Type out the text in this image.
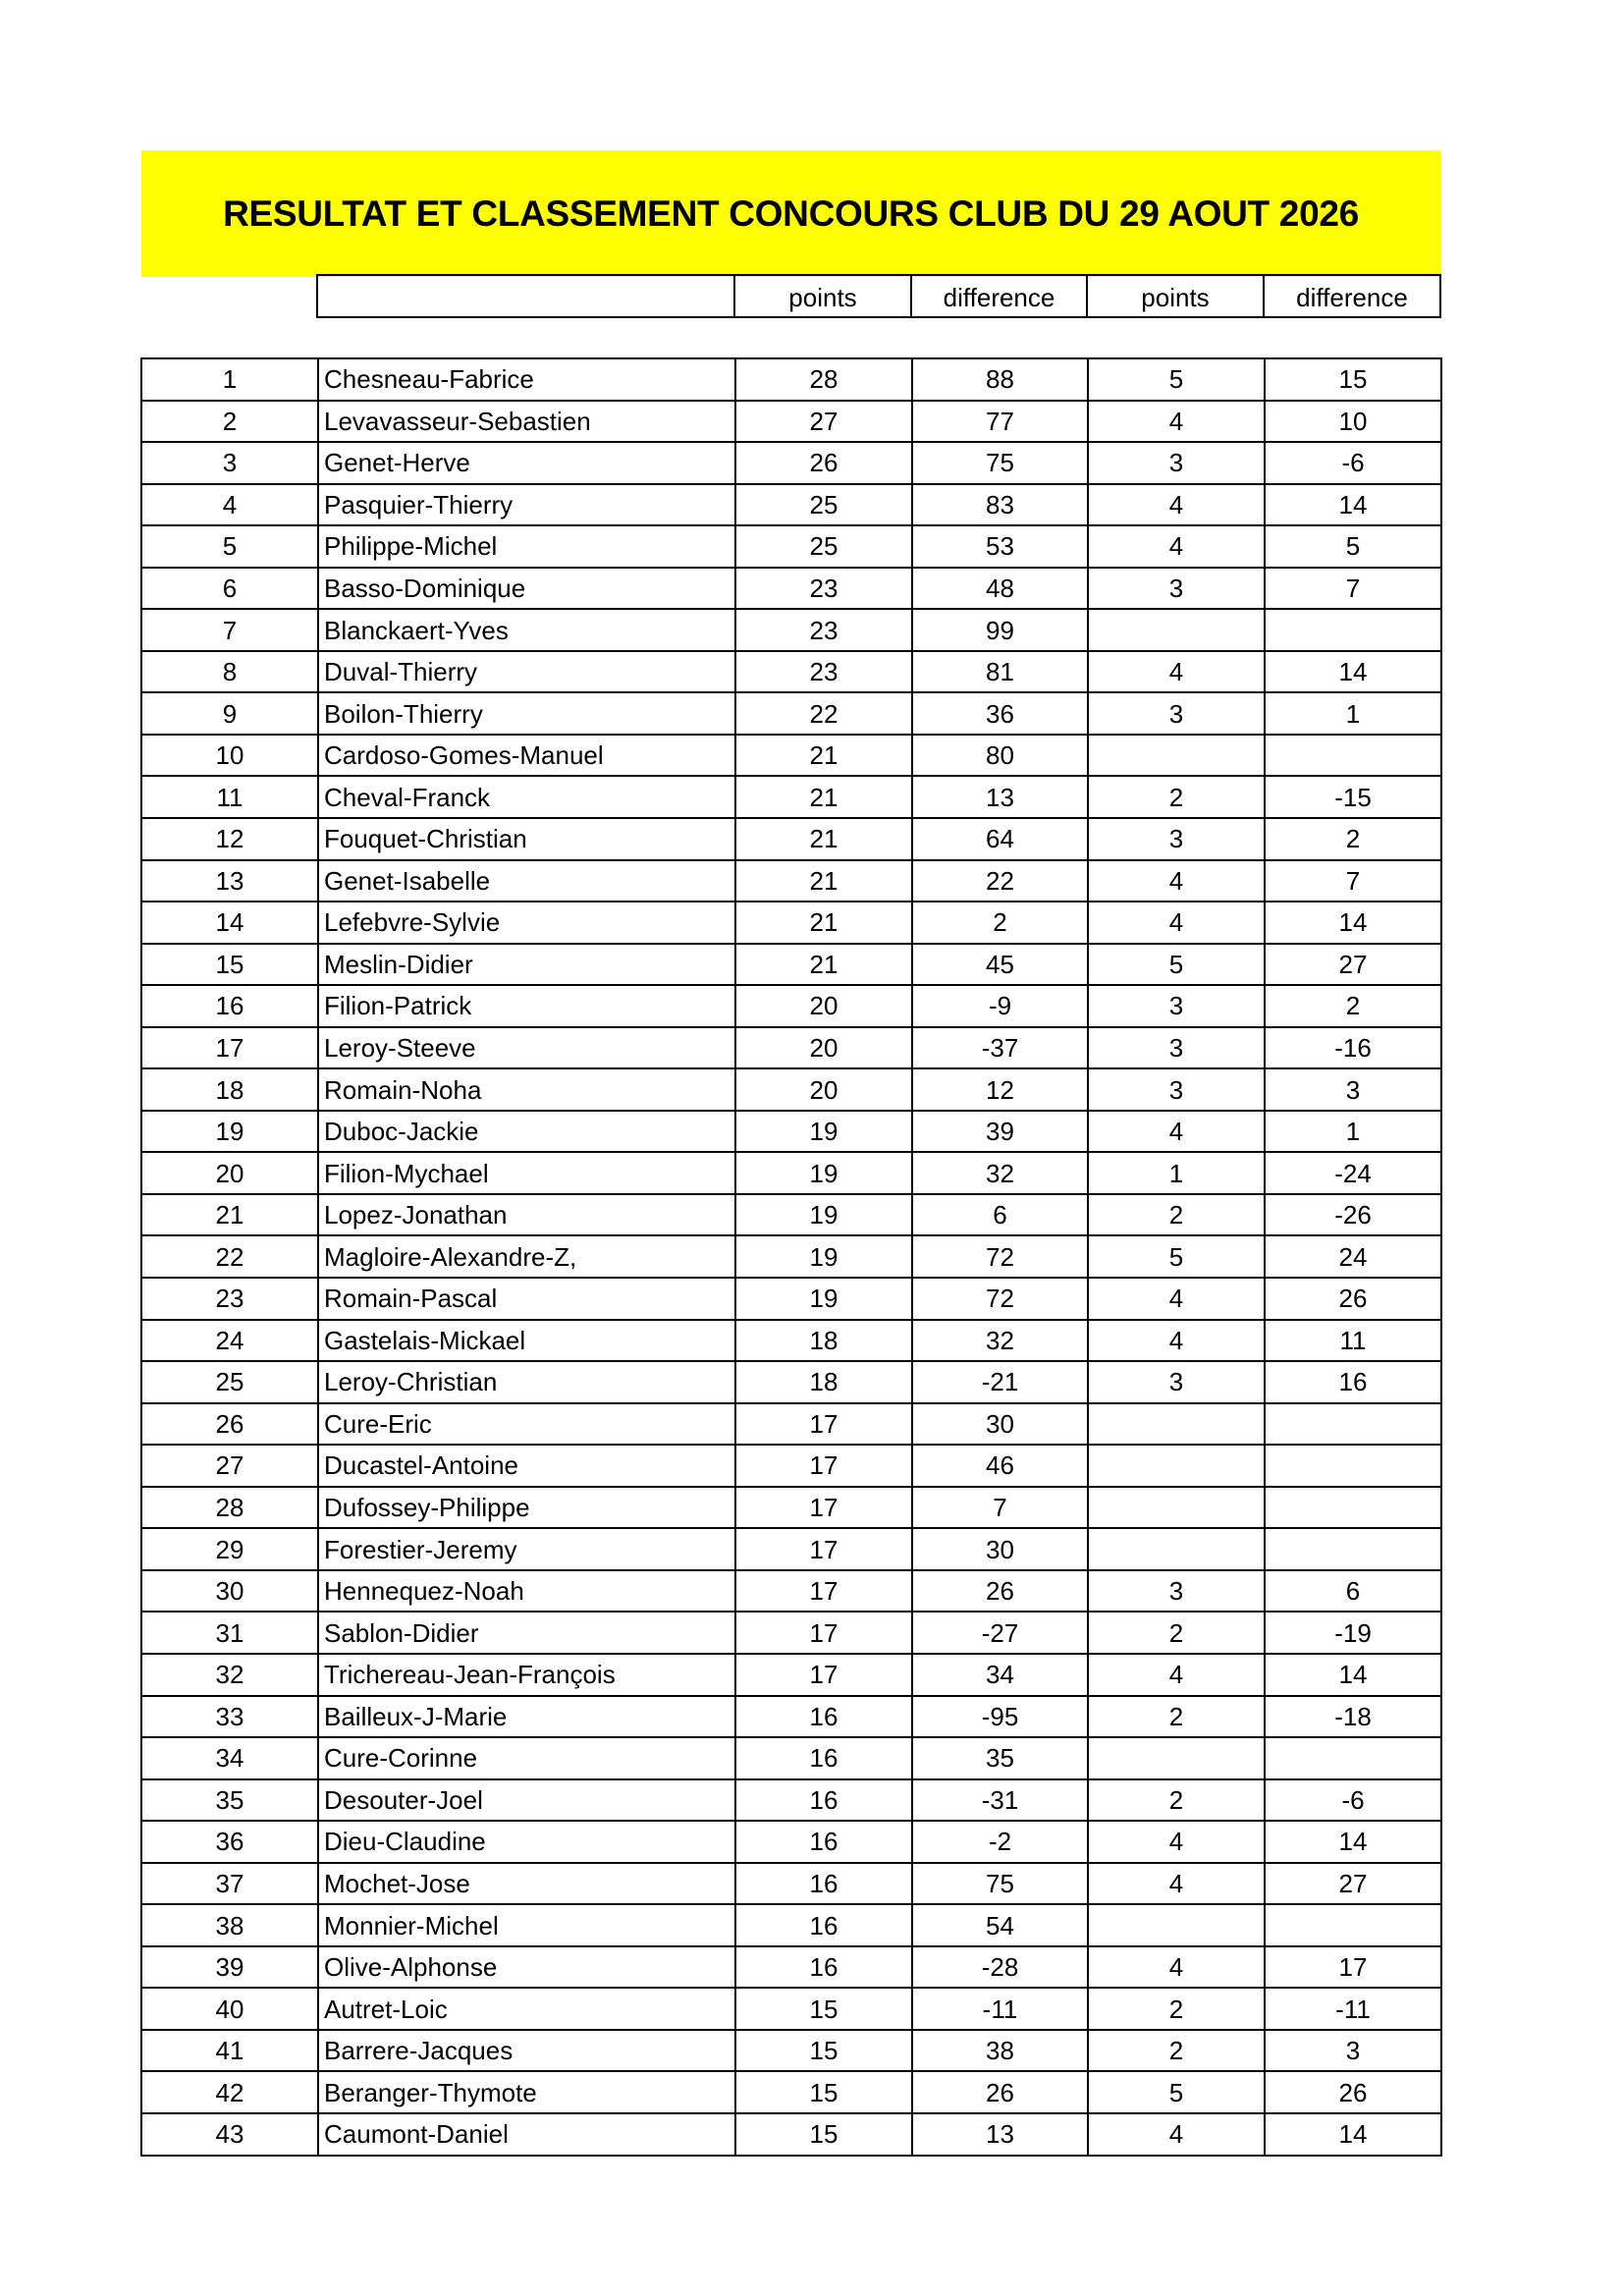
RESULTAT ET CLASSEMENT CONCOURS CLUB DU 29 AOUT 2026
		points	difference	points	difference
1	Chesneau-Fabrice	28	88	5	15
2	Levavasseur-Sebastien	27	77	4	10
3	Genet-Herve	26	75	3	-6
4	Pasquier-Thierry	25	83	4	14
5	Philippe-Michel	25	53	4	5
6	Basso-Dominique	23	48	3	7
7	Blanckaert-Yves	23	99		
8	Duval-Thierry	23	81	4	14
9	Boilon-Thierry	22	36	3	1
10	Cardoso-Gomes-Manuel	21	80		
11	Cheval-Franck	21	13	2	-15
12	Fouquet-Christian	21	64	3	2
13	Genet-Isabelle	21	22	4	7
14	Lefebvre-Sylvie	21	2	4	14
15	Meslin-Didier	21	45	5	27
16	Filion-Patrick	20	-9	3	2
17	Leroy-Steeve	20	-37	3	-16
18	Romain-Noha	20	12	3	3
19	Duboc-Jackie	19	39	4	1
20	Filion-Mychael	19	32	1	-24
21	Lopez-Jonathan	19	6	2	-26
22	Magloire-Alexandre-Z,	19	72	5	24
23	Romain-Pascal	19	72	4	26
24	Gastelais-Mickael	18	32	4	11
25	Leroy-Christian	18	-21	3	16
26	Cure-Eric	17	30		
27	Ducastel-Antoine	17	46		
28	Dufossey-Philippe	17	7		
29	Forestier-Jeremy	17	30		
30	Hennequez-Noah	17	26	3	6
31	Sablon-Didier	17	-27	2	-19
32	Trichereau-Jean-François	17	34	4	14
33	Bailleux-J-Marie	16	-95	2	-18
34	Cure-Corinne	16	35		
35	Desouter-Joel	16	-31	2	-6
36	Dieu-Claudine	16	-2	4	14
37	Mochet-Jose	16	75	4	27
38	Monnier-Michel	16	54		
39	Olive-Alphonse	16	-28	4	17
40	Autret-Loic	15	-11	2	-11
41	Barrere-Jacques	15	38	2	3
42	Beranger-Thymote	15	26	5	26
43	Caumont-Daniel	15	13	4	14
